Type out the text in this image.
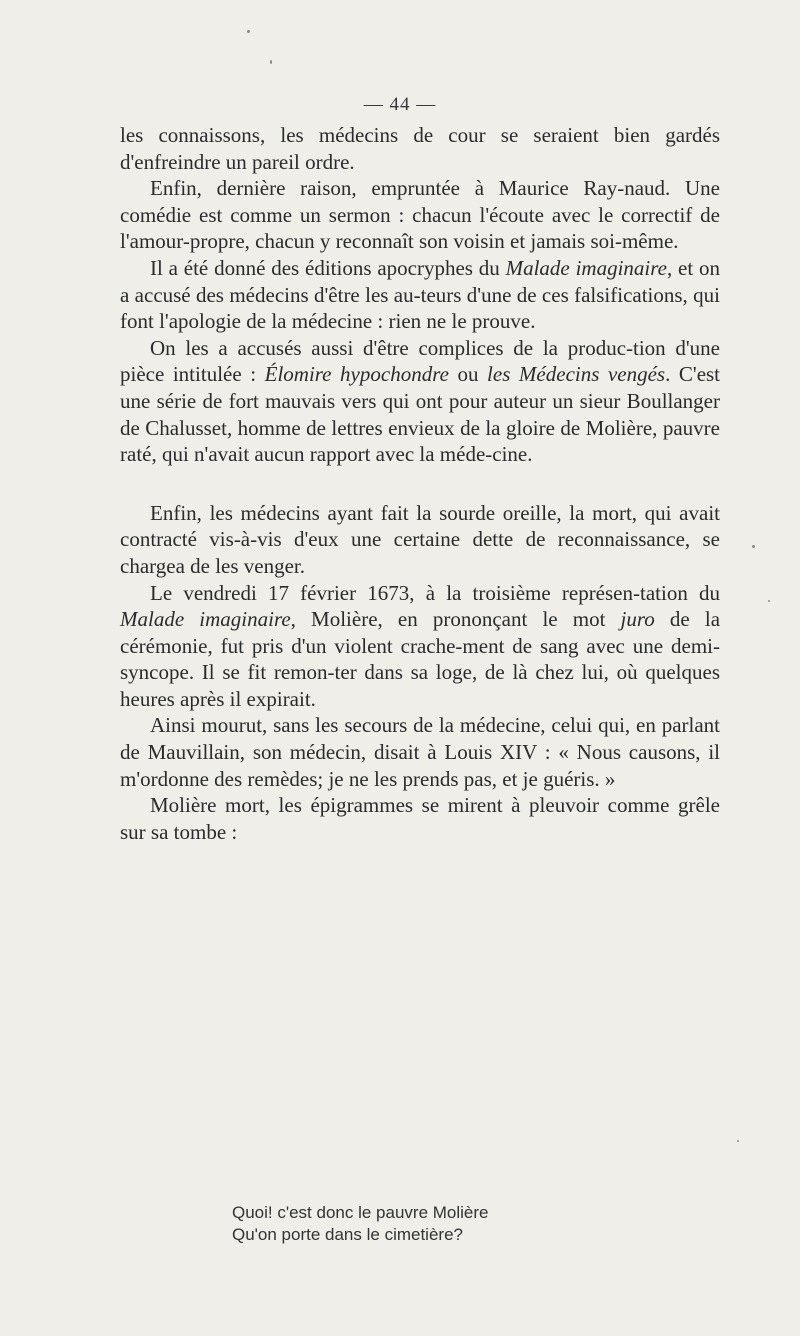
— 44 —

les connaissons, les médecins de cour se seraient bien gardés d'enfreindre un pareil ordre.

Enfin, dernière raison, empruntée à Maurice Ray-naud. Une comédie est comme un sermon : chacun l'écoute avec le correctif de l'amour-propre, chacun y reconnaît son voisin et jamais soi-même.

Il a été donné des éditions apocryphes du Malade imaginaire, et on a accusé des médecins d'être les au-teurs d'une de ces falsifications, qui font l'apologie de la médecine : rien ne le prouve.

On les a accusés aussi d'être complices de la produc-tion d'une pièce intitulée : Élomire hypochondre ou les Médecins vengés. C'est une série de fort mauvais vers qui ont pour auteur un sieur Boullanger de Chalusset, homme de lettres envieux de la gloire de Molière, pauvre raté, qui n'avait aucun rapport avec la méde-cine.

Enfin, les médecins ayant fait la sourde oreille, la mort, qui avait contracté vis-à-vis d'eux une certaine dette de reconnaissance, se chargea de les venger.

Le vendredi 17 février 1673, à la troisième représen-tation du Malade imaginaire, Molière, en prononçant le mot juro de la cérémonie, fut pris d'un violent crache-ment de sang avec une demi-syncope. Il se fit remon-ter dans sa loge, de là chez lui, où quelques heures après il expirait.

Ainsi mourut, sans les secours de la médecine, celui qui, en parlant de Mauvillain, son médecin, disait à Louis XIV : « Nous causons, il m'ordonne des remèdes; je ne les prends pas, et je guéris. »

Molière mort, les épigrammes se mirent à pleuvoir comme grêle sur sa tombe :

Quoi! c'est donc le pauvre Molière
Qu'on porte dans le cimetière?
